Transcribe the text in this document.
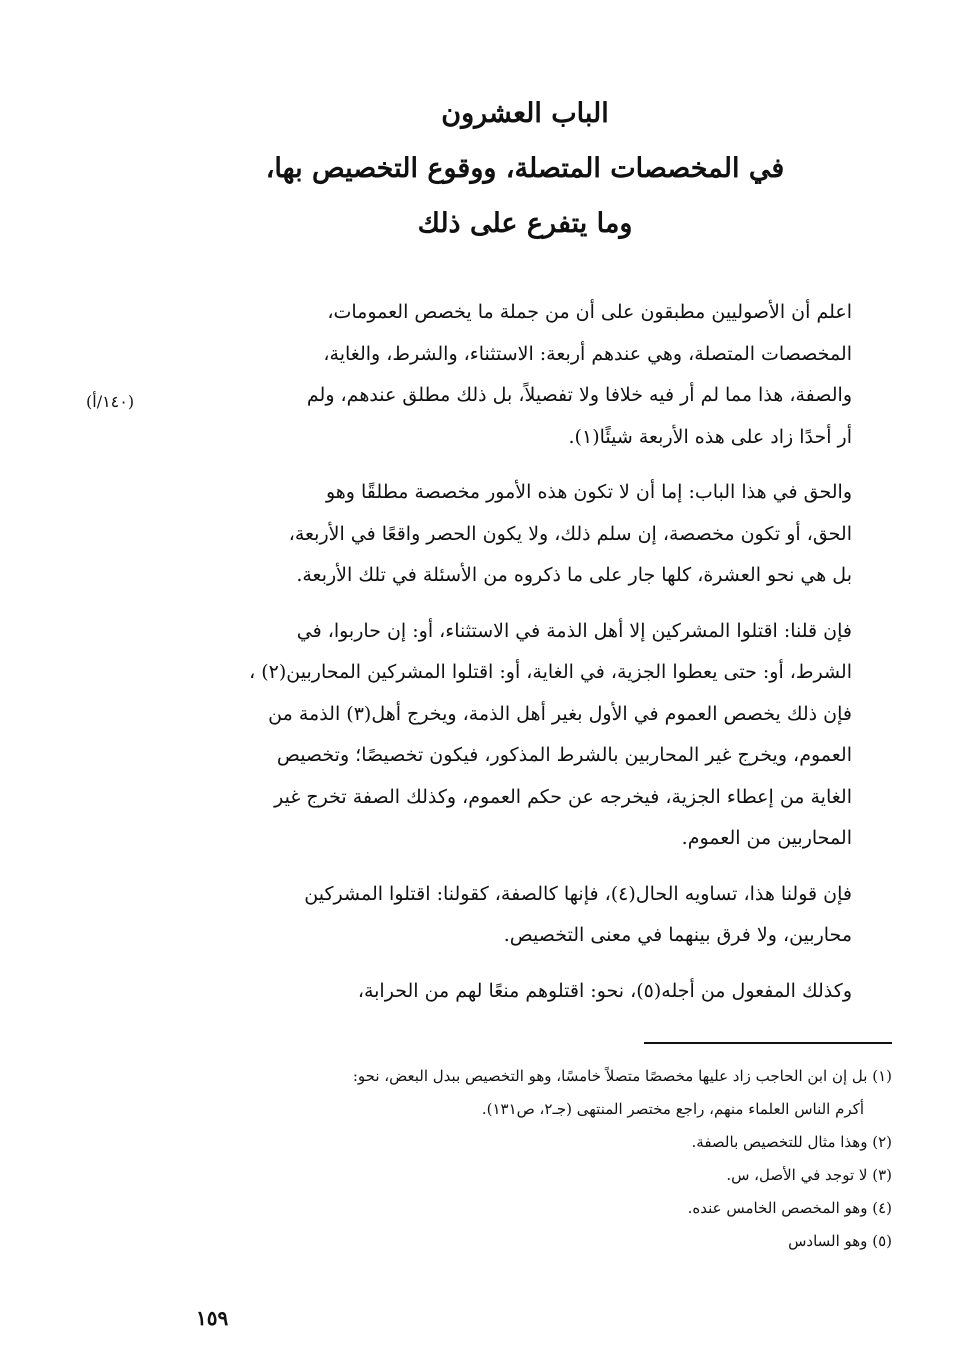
الباب العشرون
في المخصصات المتصلة، ووقوع التخصيص بها،
وما يتفرع على ذلك

اعلم أن الأصوليين مطبقون على أن من جملة ما يخصص العمومات،
المخصصات المتصلة، وهي عندهم أربعة: الاستثناء، والشرط، والغاية،
والصفة، هذا مما لم أر فيه خلافا ولا تفصيلاً، بل ذلك مطلق عندهم، ولم
أر أحدًا زاد على هذه الأربعة شيئًا(١).

والحق في هذا الباب: إما أن لا تكون هذه الأمور مخصصة مطلقًا وهو
الحق، أو تكون مخصصة، إن سلم ذلك، ولا يكون الحصر واقعًا في الأربعة،
بل هي نحو العشرة، كلها جار على ما ذكروه من الأسئلة في تلك الأربعة.

فإن قلنا: اقتلوا المشركين إلا أهل الذمة في الاستثناء، أو: إن حاربوا، في
الشرط، أو: حتى يعطوا الجزية، في الغاية، أو: اقتلوا المشركين المحاربين(٢) ،
فإن ذلك يخصص العموم في الأول بغير أهل الذمة، ويخرج أهل(٣) الذمة من
العموم، ويخرج غير المحاربين بالشرط المذكور، فيكون تخصيصًا؛ وتخصيص
الغاية من إعطاء الجزية، فيخرجه عن حكم العموم، وكذلك الصفة تخرج غير
المحاربين من العموم.

فإن قولنا هذا، تساويه الحال(٤)، فإنها كالصفة، كقولنا: اقتلوا المشركين
محاربين، ولا فرق بينهما في معنى التخصيص.

وكذلك المفعول من أجله(٥)، نحو: اقتلوهم منعًا لهم من الحرابة،

(١٤٠/أ)
(١) بل إن ابن الحاجب زاد عليها مخصصًا متصلاً خامسًا، وهو التخصيص ببدل البعض، نحو:
أكرم الناس العلماء منهم، راجع مختصر المنتهى (جـ٢، ص١٣١).
(٢) وهذا مثال للتخصيص بالصفة.
(٣) لا توجد في الأصل، س.
(٤) وهو المخصص الخامس عنده.
(٥) وهو السادس
١٥٩
